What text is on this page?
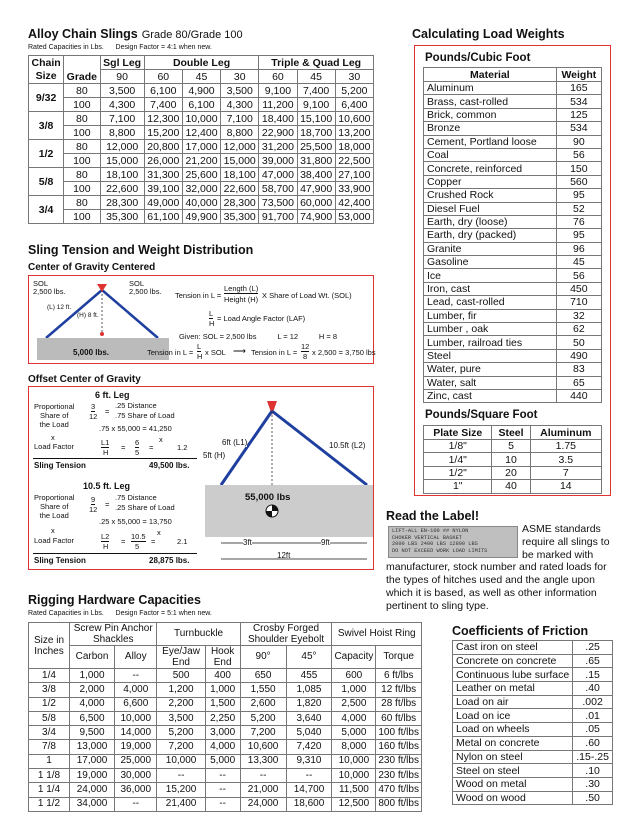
Alloy Chain Slings Grade 80/Grade 100
Rated Capacities in Lbs.      Design Factor = 4:1 when new.
Chain	Grade	Sgl Leg	Double Leg			Triple & Quad Leg		
Size		90	60	45	30	60	45	30
9/32	80	3,500	6,100	4,900	3,500	9,100	7,400	5,200
	100	4,300	7,400	6,100	4,300	11,200	9,100	6,400
3/8	80	7,100	12,300	10,000	7,100	18,400	15,100	10,600
	100	8,800	15,200	12,400	8,800	22,900	18,700	13,200
1/2	80	12,000	20,800	17,000	12,000	31,200	25,500	18,000
	100	15,000	26,000	21,200	15,000	39,000	31,800	22,500
5/8	80	18,100	31,300	25,600	18,100	47,000	38,400	27,100
	100	22,600	39,100	32,000	22,600	58,700	47,900	33,900
3/4	80	28,300	49,000	40,000	28,300	73,500	60,000	42,400
	100	35,300	61,100	49,900	35,300	91,700	74,900	53,000
Sling Tension and Weight Distribution
Center of Gravity Centered
SOL
2,500 lbs.
SOL
2,500 lbs.
(L) 12 ft.
(H) 8 ft.
5,000 lbs.
Tension in L =
Length (L)
Height (H) X Share of Load Wt. (SOL)
L
H
= Load Angle Factor (LAF)
Given: SOL = 2,500 lbs          L = 12          H = 8
Tension in L =
L
H x SOL ⟶ Tension in L =
12
8 x 2,500 = 3,750 lbs
Offset Center of Gravity
6 ft. Leg
Proportional
Share of
the Load
3
12
=
.25 Distance
.75 Share of Load
.75 x 55,000 = 41,250
x	x
Load Factor	L1
H
=
6
5
=	1.2
Sling Tension	49,500 lbs.
10.5 ft. Leg
Proportional
Share of
the Load
9
12
=
.75 Distance
.25 Share of Load
.25 x 55,000 = 13,750
x	x
Load Factor	L2
H
=
10.5
5
=	2.1
Sling Tension	28,875 lbs.
6ft (L1)	10.5ft (L2)
5ft (H)
55,000 lbs
3ft	9ft
12ft
Rigging Hardware Capacities
Rated Capacities in Lbs.      Design Factor = 5:1 when new.
Size in Inches	Screw Pin Anchor Shackles		Turnbuckle		Crosby Forged Shoulder Eyebolt		Swivel Hoist Ring	
	Carbon	Alloy	Eye/Jaw End	Hook End	90°	45°	Capacity	Torque
1/4	1,000	--	500	400	650	455	600	6 ft/lbs
3/8	2,000	4,000	1,200	1,000	1,550	1,085	1,000	12 ft/lbs
1/2	4,000	6,600	2,200	1,500	2,600	1,820	2,500	28 ft/lbs
5/8	6,500	10,000	3,500	2,250	5,200	3,640	4,000	60 ft/lbs
3/4	9,500	14,000	5,200	3,000	7,200	5,040	5,000	100 ft/lbs
7/8	13,000	19,000	7,200	4,000	10,600	7,420	8,000	160 ft/lbs
1	17,000	25,000	10,000	5,000	13,300	9,310	10,000	230 ft/lbs
1 1/8	19,000	30,000	--	--	--	--	10,000	230 ft/lbs
1 1/4	24,000	36,000	15,200	--	21,000	14,700	11,500	470 ft/lbs
1 1/2	34,000	--	21,400	--	24,000	18,600	12,500	800 ft/lbs
Calculating Load Weights
Pounds/Cubic Foot
Material	Weight
Aluminum	165
Brass, cast-rolled	534
Brick, common	125
Bronze	534
Cement, Portland loose	90
Coal	56
Concrete, reinforced	150
Copper	560
Crushed Rock	95
Diesel Fuel	52
Earth, dry (loose)	76
Earth, dry (packed)	95
Granite	96
Gasoline	45
Ice	56
Iron, cast	450
Lead, cast-rolled	710
Lumber, fir	32
Lumber , oak	62
Lumber, railroad ties	50
Steel	490
Water, pure	83
Water, salt	65
Zinc, cast	440
Pounds/Square Foot
Plate Size	Steel	Aluminum
1/8"	5	1.75
1/4"	10	3.5
1/2"	20	7
1"	40	14
Read the Label!
LIFT-ALL EN-100 ## NYLON
CHOKER VERTICAL BASKET
2000 LBS 2400 LBS 12800 LBS
DO NOT EXCEED WORK LOAD LIMITS
ASME standards require all slings to be marked with
manufacturer, stock number and rated loads for the types of hitches used and the angle upon which it is based, as well as other information pertinent to sling type.
Coefficients of Friction
Cast iron on steel	.25
Concrete on concrete	.65
Continuous lube surface	.15
Leather on metal	.40
Load on air	.002
Load on ice	.01
Load on wheels	.05
Metal on concrete	.60
Nylon on steel	.15-.25
Steel on steel	.10
Wood on metal	.30
Wood on wood	.50
